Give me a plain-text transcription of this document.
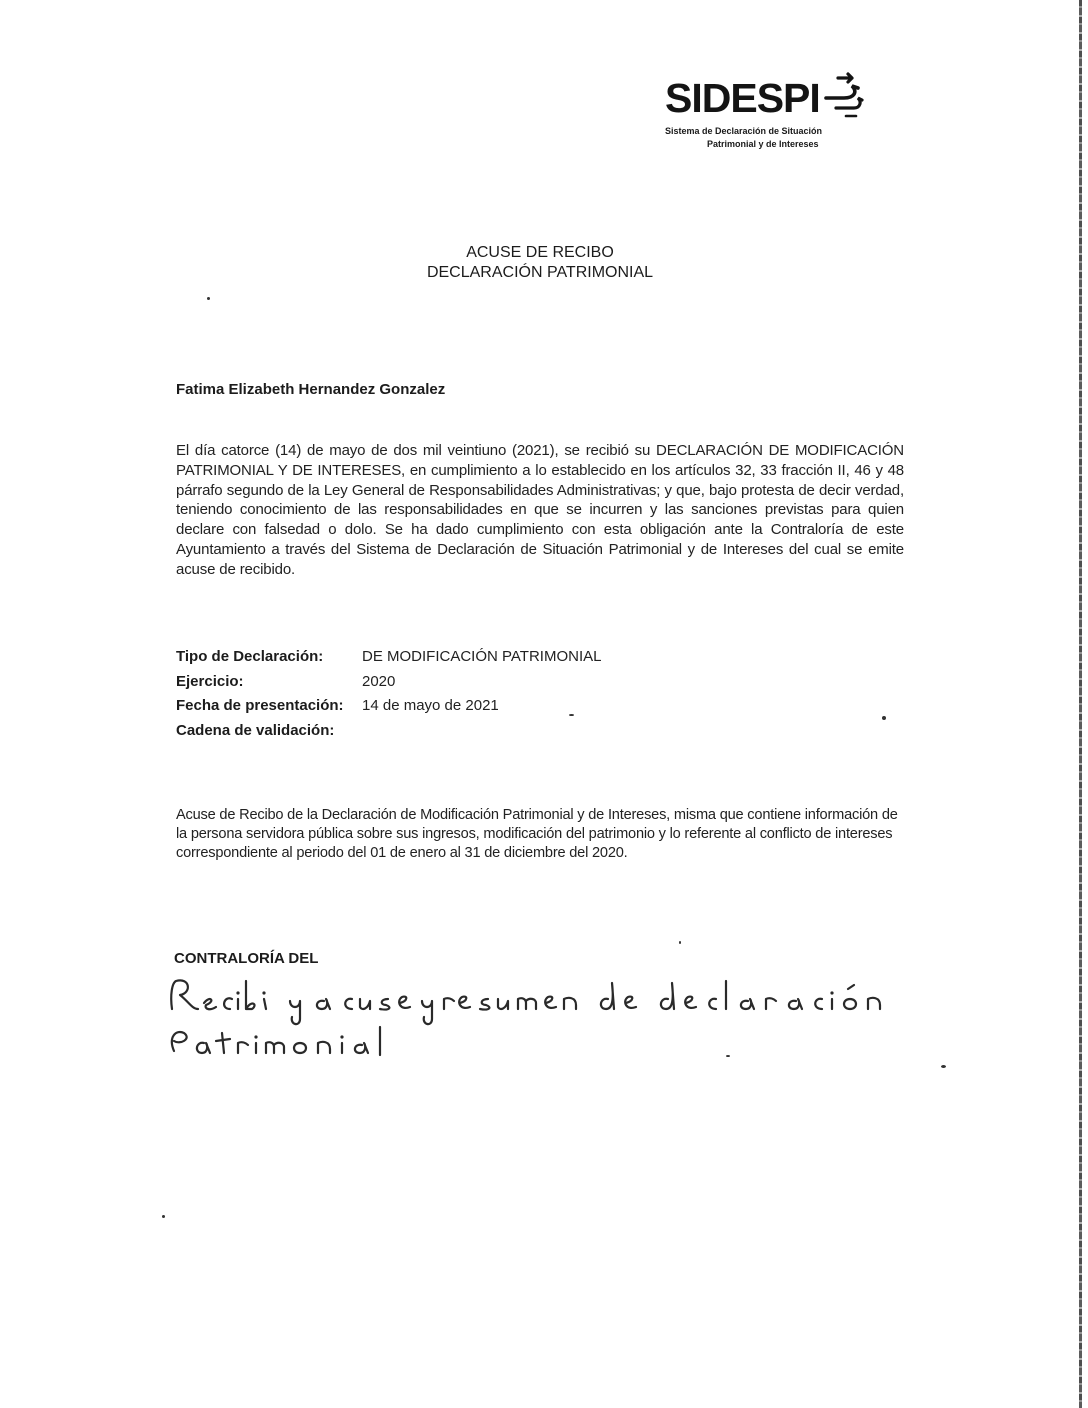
SIDESPI
Sistema de Declaración de Situación
Patrimonial y de Intereses
ACUSE DE RECIBO
DECLARACIÓN PATRIMONIAL
Fatima Elizabeth Hernandez Gonzalez
El día catorce (14) de mayo de dos mil veintiuno (2021), se recibió su DECLARACIÓN DE MODIFICACIÓN PATRIMONIAL Y DE INTERESES, en cumplimiento a lo establecido en los artículos 32, 33 fracción II, 46 y 48 párrafo segundo de la Ley General de Responsabilidades Administrativas; y que, bajo protesta de decir verdad, teniendo conocimiento de las responsabilidades en que se incurren y las sanciones previstas para quien declare con falsedad o dolo. Se ha dado cumplimiento con esta obligación ante la Contraloría de este Ayuntamiento a través del Sistema de Declaración de Situación Patrimonial y de Intereses del cual se emite acuse de recibido.
Tipo de Declaración:	DE MODIFICACIÓN PATRIMONIAL
Ejercicio:	2020
Fecha de presentación:	14 de mayo de 2021
Cadena de validación:	
Acuse de Recibo de la Declaración de Modificación Patrimonial y de Intereses, misma que contiene información de la persona servidora pública sobre sus ingresos, modificación del patrimonio y lo referente al conflicto de intereses correspondiente al periodo del 01 de enero al 31 de diciembre del 2020.
CONTRALORÍA DEL
